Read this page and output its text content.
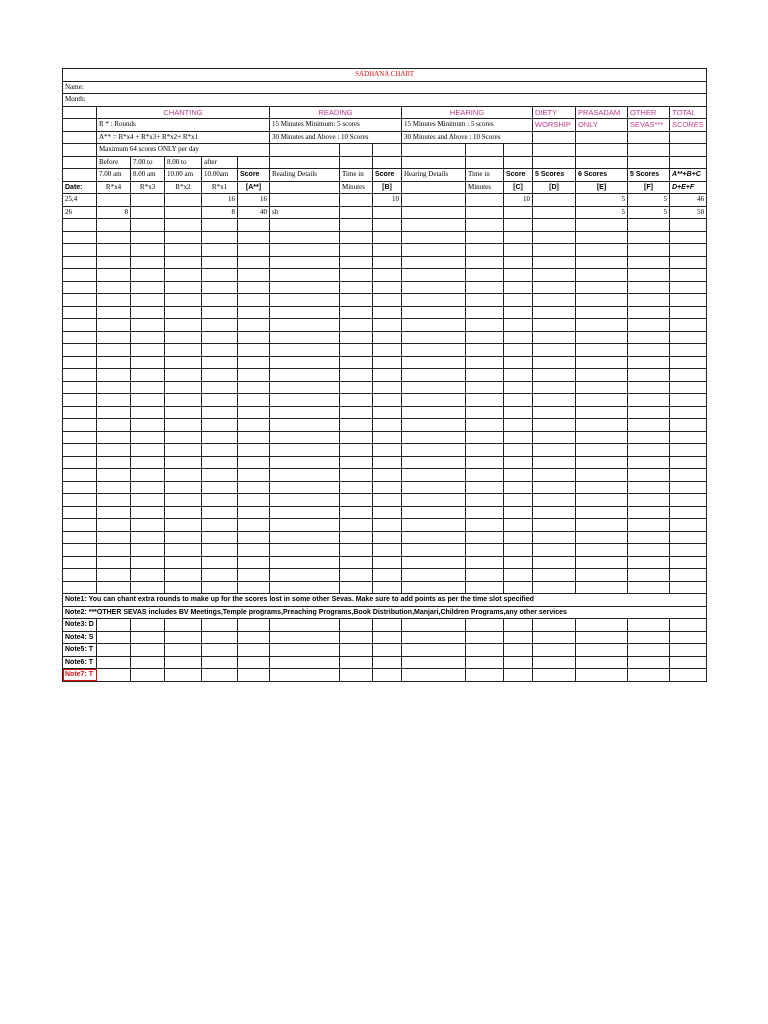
SADHANA CHART															
Name:															
Month:															
	CHANTING					READING			HEARING			DIETY	PRASADAM	OTHER	TOTAL
	R * : Rounds					15 Minutes Minimum: 5 scores			15 Minutes Minimum : 5 scores			WORSHIP	ONLY	SEVAS***	SCORES
	A** = R*x4 + R*x3+ R*x2+ R*x1					30 Minutes and Above : 10 Scores			30 Minutes and Above : 10 Scores						
	Maximum 64 scores ONLY per day														
	Before	7.00 to	8.00 to	after											
	7.00 am	8.00 am	10.00 am	10.00am	Score	Reading Details	Time in	Score	Hearing Details	Time in	Score	5 Scores	6 Scores	5 Scores	A**+B+C
Date:	R*x4	R*x3	R*x2	R*x1	[A**]		Minutes	[B]		Minutes	[C]	[D]	[E]	[F]	D+E+F
25,4				16	16			10			10		5	5	46
26	8			8	40	sb							5	5	50

Note1: You can chant extra rounds to make up for the scores lost in some other Sevas. Make sure to add points as per the time slot specified															
Note2: ***OTHER SEVAS includes BV Meetings,Temple programs,Preaching Programs,Book Distribution,Manjari,Children Programs,any other services															
Note3: D															
Note4: S															
Note5: T															
Note6: T															
Note7: T															
